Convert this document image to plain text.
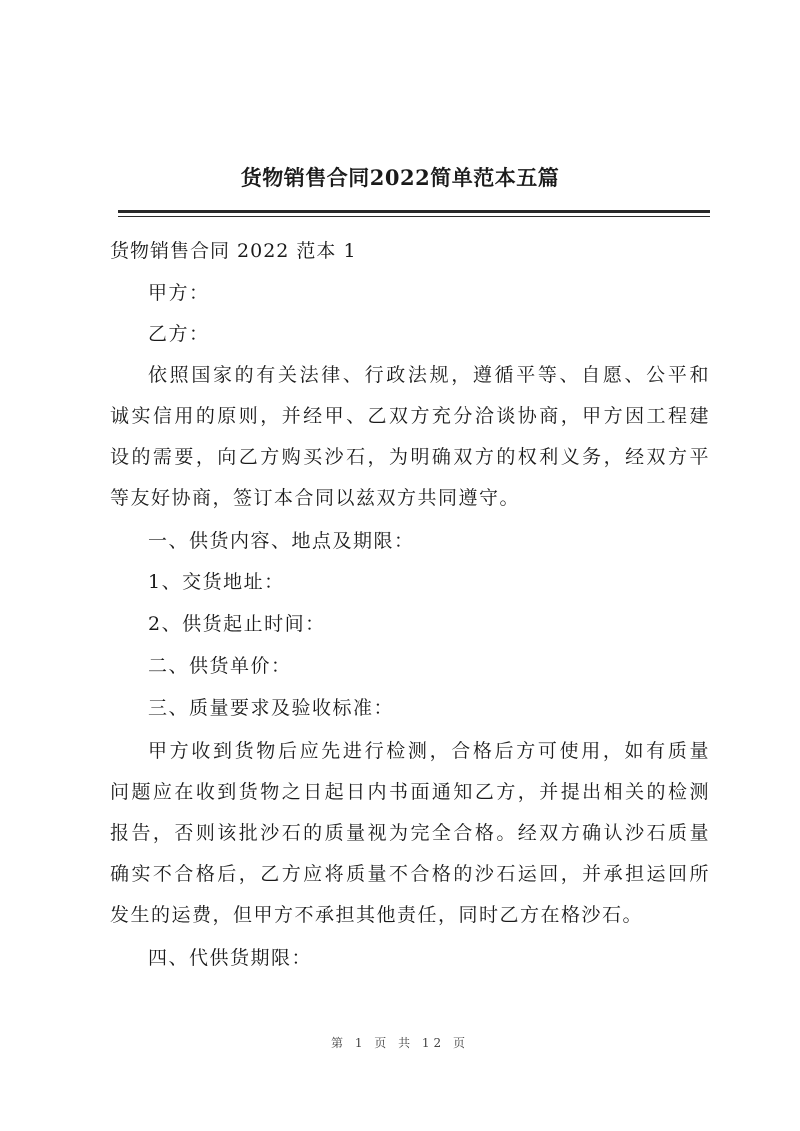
货物销售合同2022简单范本五篇
货物销售合同 2022 范本 1
甲方：
乙方：
依照国家的有关法律、行政法规，遵循平等、自愿、公平和
诚实信用的原则，并经甲、乙双方充分洽谈协商，甲方因工程建
设的需要，向乙方购买沙石，为明确双方的权利义务，经双方平
等友好协商，签订本合同以兹双方共同遵守。
一、供货内容、地点及期限：
1、交货地址：
2、供货起止时间：
二、供货单价：
三、质量要求及验收标准：
甲方收到货物后应先进行检测，合格后方可使用，如有质量
问题应在收到货物之日起日内书面通知乙方，并提出相关的检测
报告，否则该批沙石的质量视为完全合格。经双方确认沙石质量
确实不合格后，乙方应将质量不合格的沙石运回，并承担运回所
发生的运费，但甲方不承担其他责任，同时乙方在格沙石。
四、代供货期限：
第 1 页 共 12 页
